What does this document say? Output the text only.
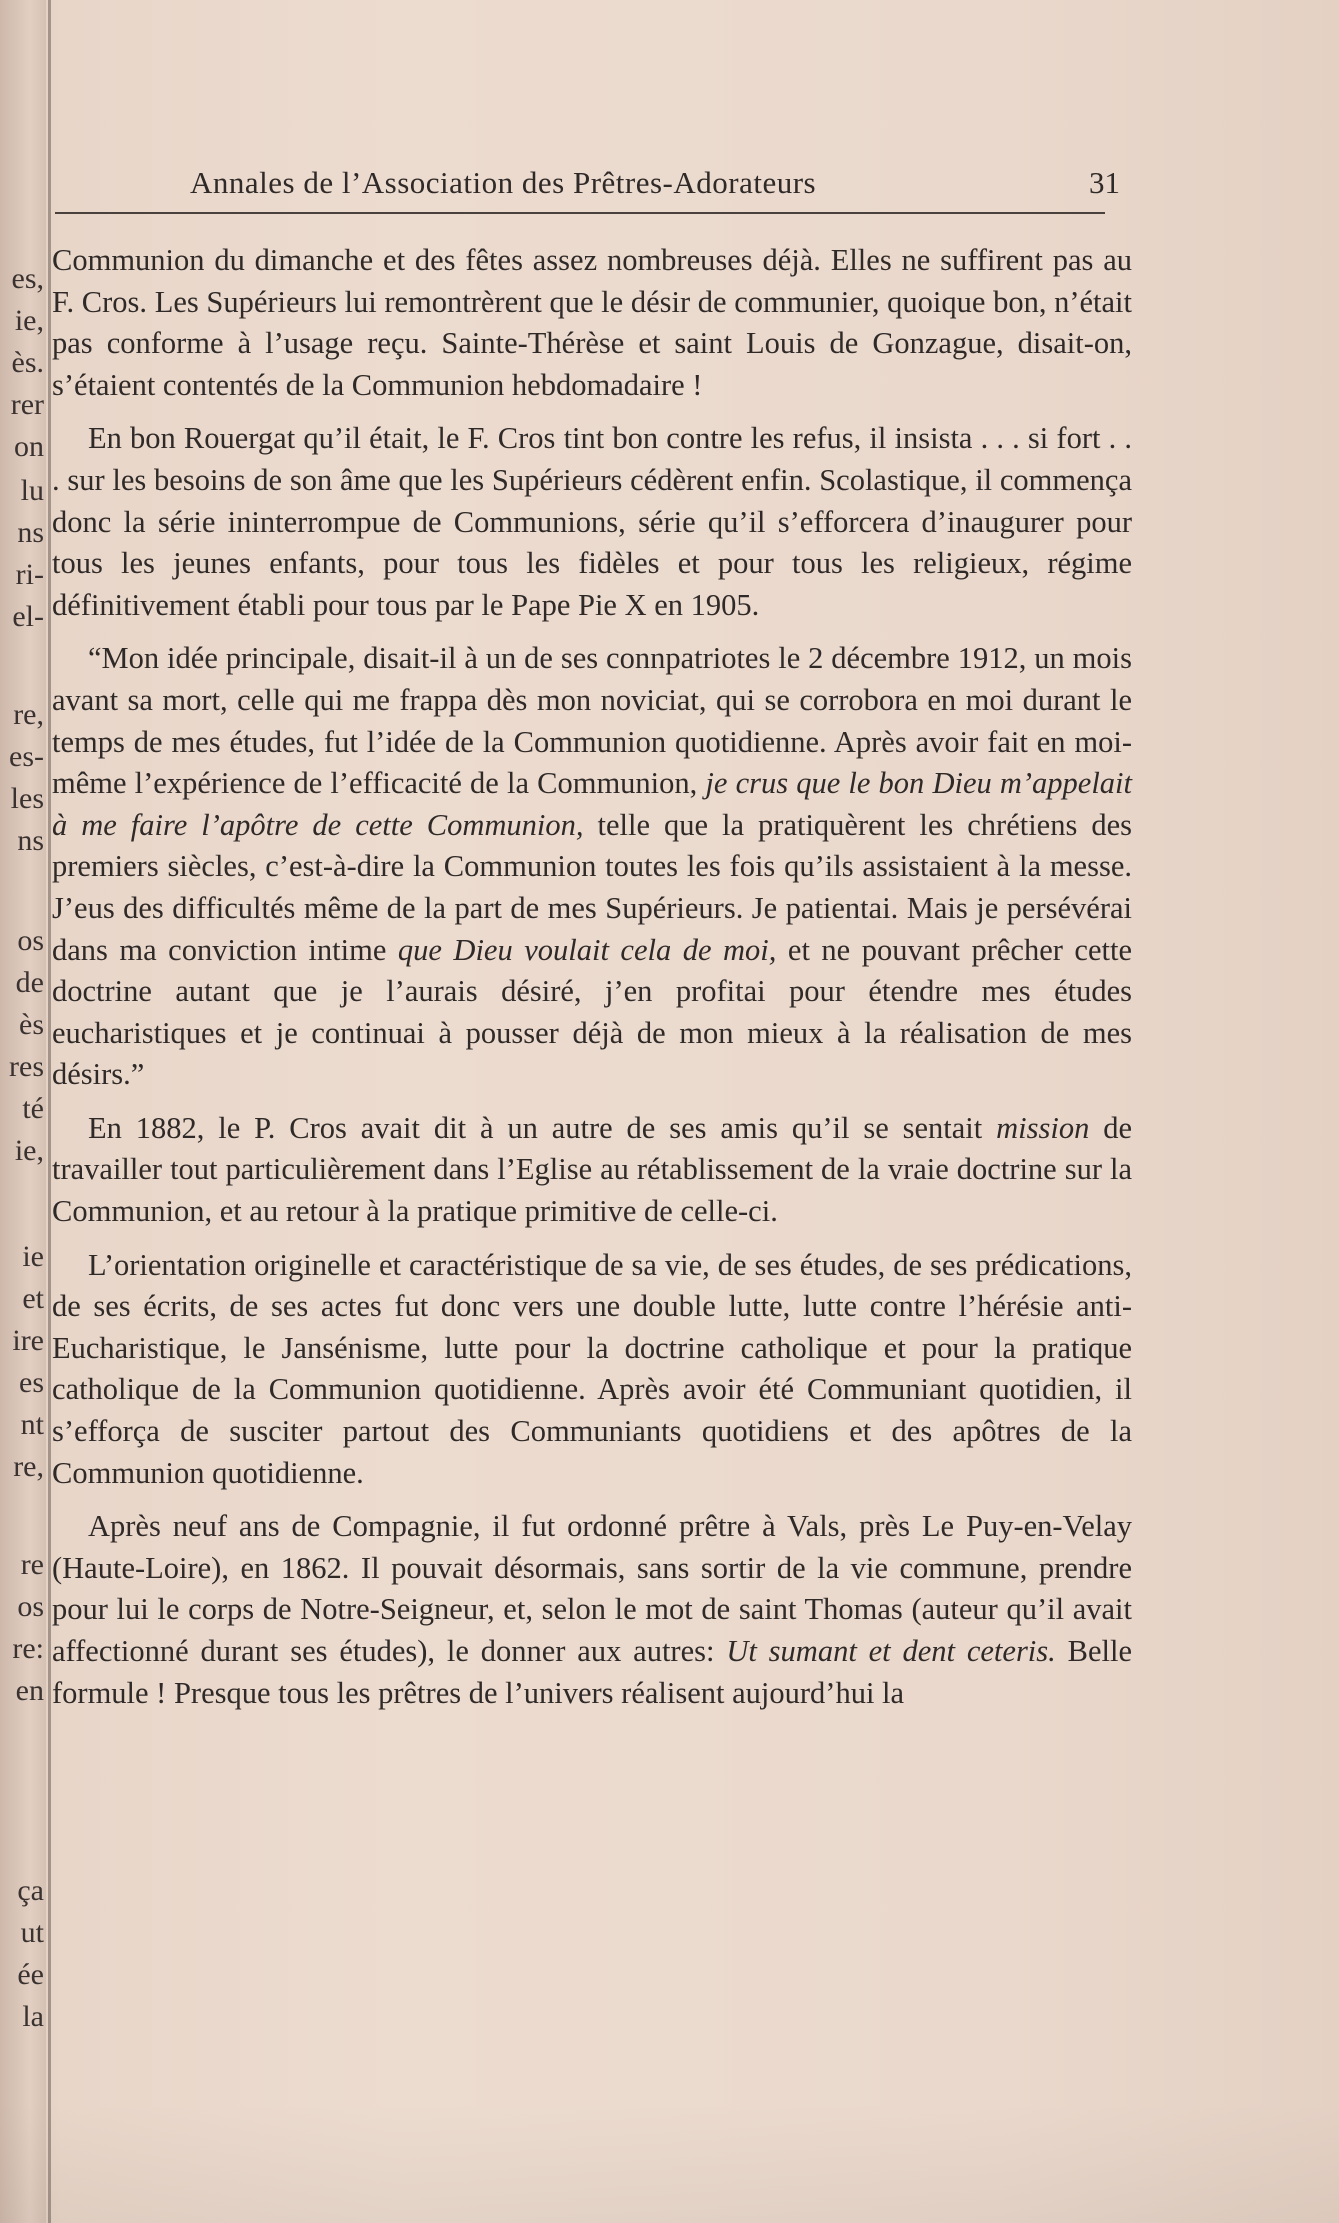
es,
ie,
ès.
rer
on
lu
ns
ri-
el-
re,
es-
les
ns
os
de
ès
res
té
ie,
ie
et
ire
es
nt
re,
re
os
re:
en
ça
ut
ée
la
Annales de l’Association des Prêtres-Adorateurs	31

Communion du dimanche et des fêtes assez nombreuses déjà. Elles ne suffirent pas au F. Cros. Les Supérieurs lui remontrèrent que le désir de communier, quoique bon, n’était pas conforme à l’usage reçu. Sainte-Thérèse et saint Louis de Gonzague, disait-on, s’étaient contentés de la Communion hebdomadaire !

En bon Rouergat qu’il était, le F. Cros tint bon contre les refus, il insista . . . si fort . . . sur les besoins de son âme que les Supérieurs cédèrent enfin. Scolastique, il commença donc la série ininterrompue de Communions, série qu’il s’efforcera d’inaugurer pour tous les jeunes enfants, pour tous les fidèles et pour tous les religieux, régime définitivement établi pour tous par le Pape Pie X en 1905.

“Mon idée principale, disait-il à un de ses connpatriotes le 2 décembre 1912, un mois avant sa mort, celle qui me frappa dès mon noviciat, qui se corrobora en moi durant le temps de mes études, fut l’idée de la Communion quotidienne. Après avoir fait en moi-même l’expérience de l’efficacité de la Communion, je crus que le bon Dieu m’appelait à me faire l’apôtre de cette Communion, telle que la pratiquèrent les chrétiens des premiers siècles, c’est-à-dire la Communion toutes les fois qu’ils assistaient à la messe. J’eus des difficultés même de la part de mes Supérieurs. Je patientai. Mais je persévérai dans ma conviction intime que Dieu voulait cela de moi, et ne pouvant prêcher cette doctrine autant que je l’aurais désiré, j’en profitai pour étendre mes études eucharistiques et je continuai à pousser déjà de mon mieux à la réalisation de mes désirs.”

En 1882, le P. Cros avait dit à un autre de ses amis qu’il se sentait mission de travailler tout particulièrement dans l’Eglise au rétablissement de la vraie doctrine sur la Communion, et au retour à la pratique primitive de celle-ci.

L’orientation originelle et caractéristique de sa vie, de ses études, de ses prédications, de ses écrits, de ses actes fut donc vers une double lutte, lutte contre l’hérésie anti-Eucharistique, le Jansénisme, lutte pour la doctrine catholique et pour la pratique catholique de la Communion quotidienne. Après avoir été Communiant quotidien, il s’efforça de susciter partout des Communiants quotidiens et des apôtres de la Communion quotidienne.

Après neuf ans de Compagnie, il fut ordonné prêtre à Vals, près Le Puy-en-Velay (Haute-Loire), en 1862. Il pouvait désormais, sans sortir de la vie commune, prendre pour lui le corps de Notre-Seigneur, et, selon le mot de saint Thomas (auteur qu’il avait affectionné durant ses études), le donner aux autres: Ut sumant et dent ceteris. Belle formule ! Presque tous les prêtres de l’univers réalisent aujourd’hui la
